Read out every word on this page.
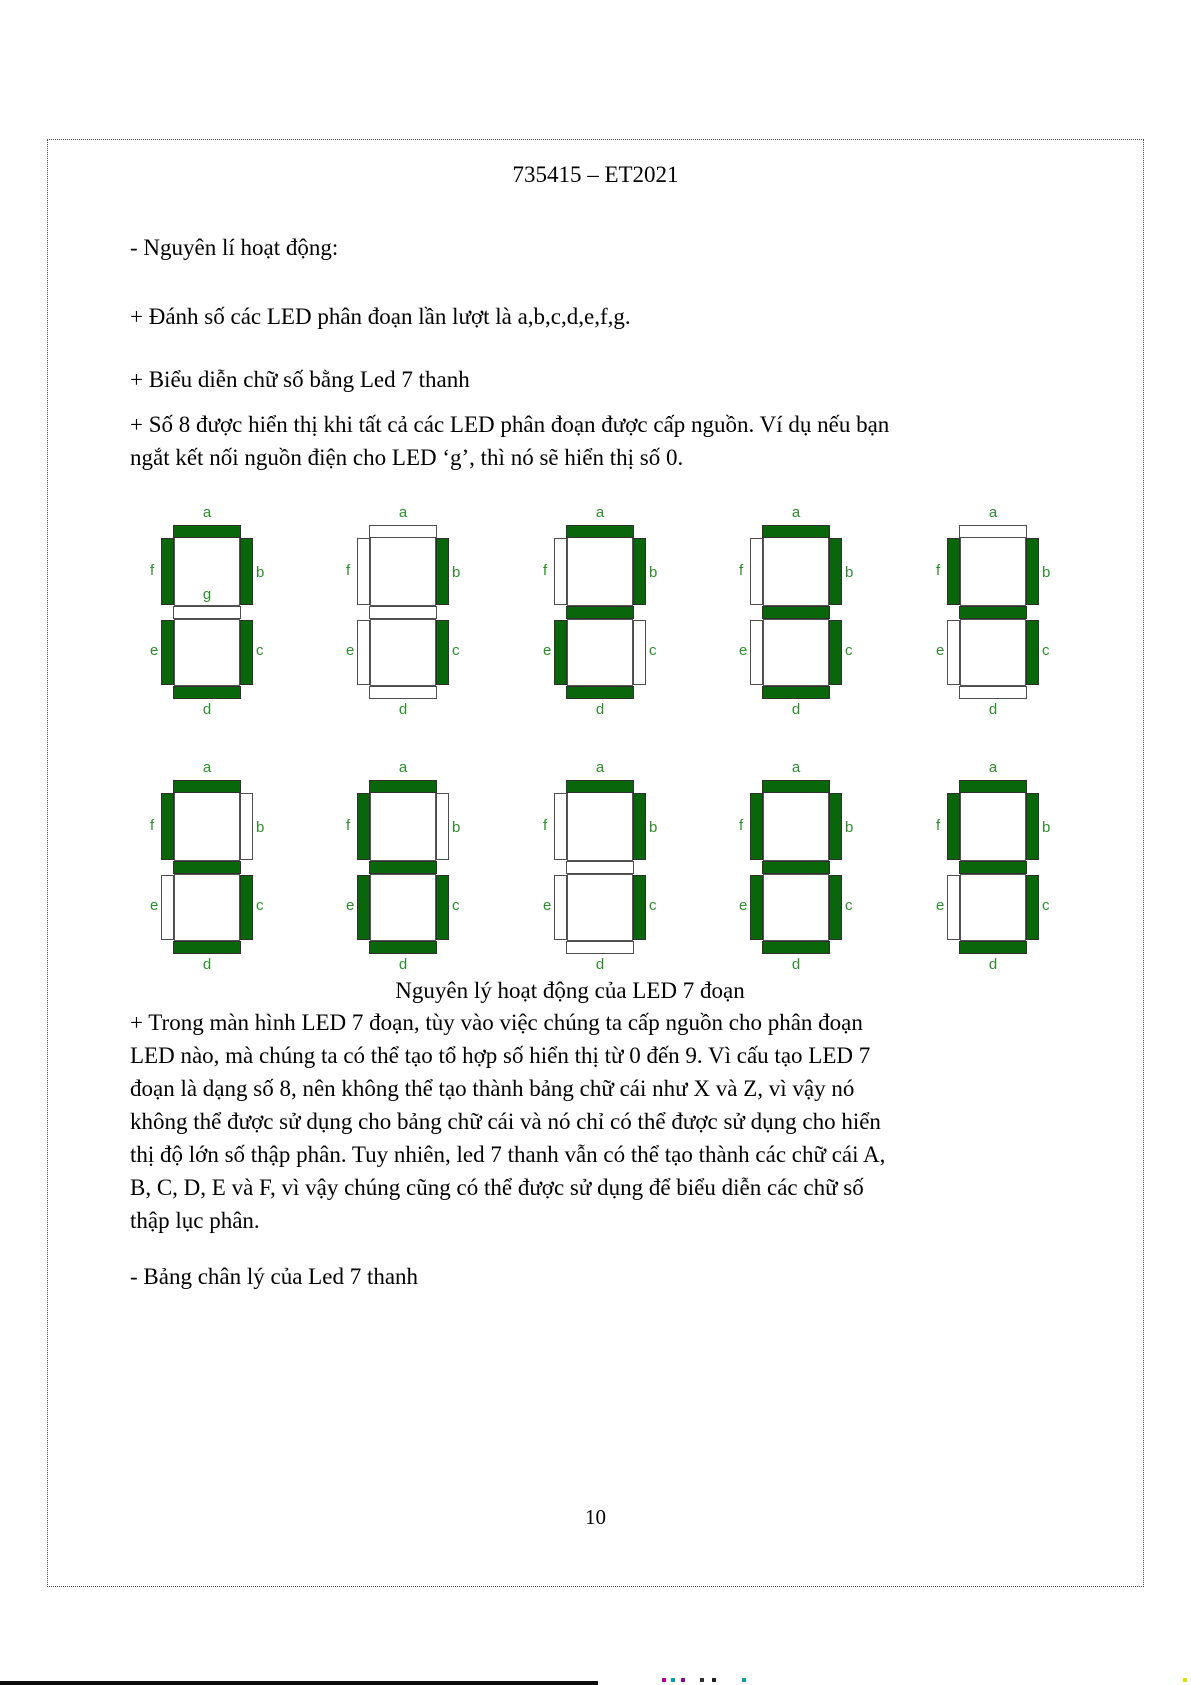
735415 – ET2021
- Nguyên lí hoạt động:
+ Đánh số các LED phân đoạn lần lượt là a,b,c,d,e,f,g.
+ Biểu diễn chữ số bằng Led 7 thanh
+ Số 8 được hiển thị khi tất cả các LED phân đoạn được cấp nguồn. Ví dụ nếu bạn
ngắt kết nối nguồn điện cho LED ‘g’, thì nó sẽ hiển thị số 0.
a
f	b
e	c
d
g
a
f	b
e	c
d
a
f	b
e	c
d
a
f	b
e	c
d
a
f	b
e	c
d
a
f	b
e	c
d
a
f	b
e	c
d
a
f	b
e	c
d
a
f	b
e	c
d
a
f	b
e	c
d
Nguyên lý hoạt động của LED 7 đoạn
+ Trong màn hình LED 7 đoạn, tùy vào việc chúng ta cấp nguồn cho phân đoạn
LED nào, mà chúng ta có thể tạo tổ hợp số hiển thị từ 0 đến 9. Vì cấu tạo LED 7
đoạn là dạng số 8, nên không thể tạo thành bảng chữ cái như X và Z, vì vậy nó
không thể được sử dụng cho bảng chữ cái và nó chỉ có thể được sử dụng cho hiển
thị độ lớn số thập phân. Tuy nhiên, led 7 thanh vẫn có thể tạo thành các chữ cái A,
B, C, D, E và F, vì vậy chúng cũng có thể được sử dụng để biểu diễn các chữ số
thập lục phân.
- Bảng chân lý của Led 7 thanh
10
